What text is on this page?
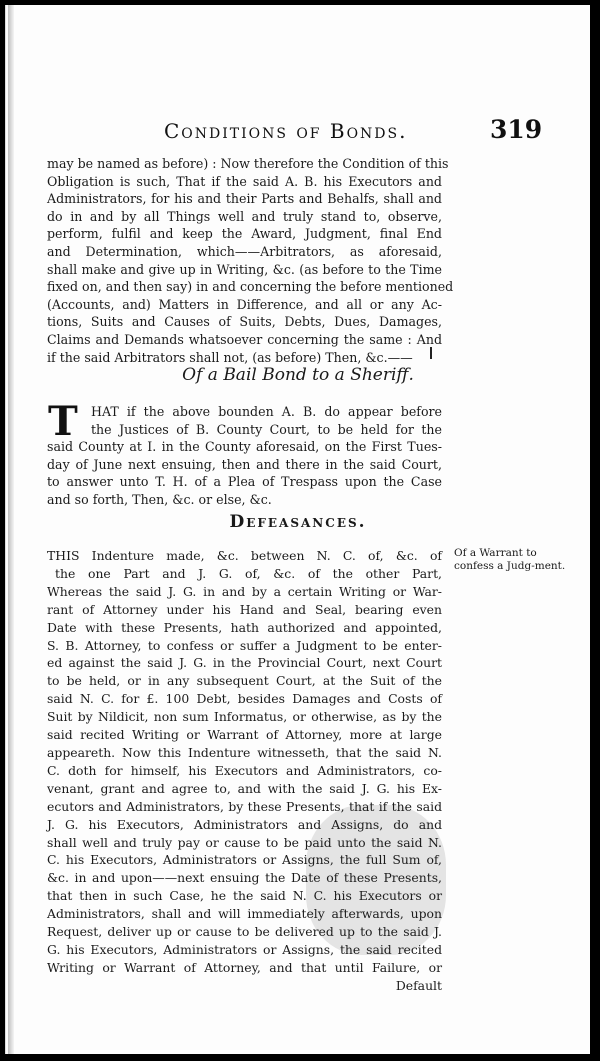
Conditions of Bonds.	319
may be named as before) : Now therefore the Condition of this
Obligation is such, That if the said A. B. his Executors and
Administrators, for his and their Parts and Behalfs, shall and
do in and by all Things well and truly stand to, observe,
perform, fulfil and keep the Award, Judgment, final End
and Determination, which——Arbitrators, as aforesaid,
shall make and give up in Writing, &c. (as before to the Time
fixed on, and then say) in and concerning the before mentioned
(Accounts, and) Matters in Difference, and all or any Ac-
tions, Suits and Causes of Suits, Debts, Dues, Damages,
Claims and Demands whatsoever concerning the same : And
if the said Arbitrators shall not, (as before) Then, &c.——
Of a Bail Bond to a Sheriff.
T	HAT if the above bounden A. B. do appear before
the Justices of B. County Court, to be held for the
said County at I. in the County aforesaid, on the First Tues-
day of June next ensuing, then and there in the said Court,
to answer unto T. H. of a Plea of Trespass upon the Case
and so forth, Then, &c. or else, &c.
Defeasances.
Of a Warrant to confess a Judg-ment.
THIS Indenture made, &c. between N. C. of, &c. of
the one Part and J. G. of, &c. of the other Part,
Whereas the said J. G. in and by a certain Writing or War-
rant of Attorney under his Hand and Seal, bearing even
Date with these Presents, hath authorized and appointed,
S. B. Attorney, to confess or suffer a Judgment to be enter-
ed against the said J. G. in the Provincial Court, next Court
to be held, or in any subsequent Court, at the Suit of the
said N. C. for £. 100 Debt, besides Damages and Costs of
Suit by Nildicit, non sum Informatus, or otherwise, as by the
said recited Writing or Warrant of Attorney, more at large
appeareth. Now this Indenture witnesseth, that the said N.
C. doth for himself, his Executors and Administrators, co-
venant, grant and agree to, and with the said J. G. his Ex-
ecutors and Administrators, by these Presents, that if the said
J. G. his Executors, Administrators and Assigns, do and
shall well and truly pay or cause to be paid unto the said N.
C. his Executors, Administrators or Assigns, the full Sum of,
&c. in and upon——next ensuing the Date of these Presents,
that then in such Case, he the said N. C. his Executors or
Administrators, shall and will immediately afterwards, upon
Request, deliver up or cause to be delivered up to the said J.
G. his Executors, Administrators or Assigns, the said recited
Writing or Warrant of Attorney, and that until Failure, or
Default
